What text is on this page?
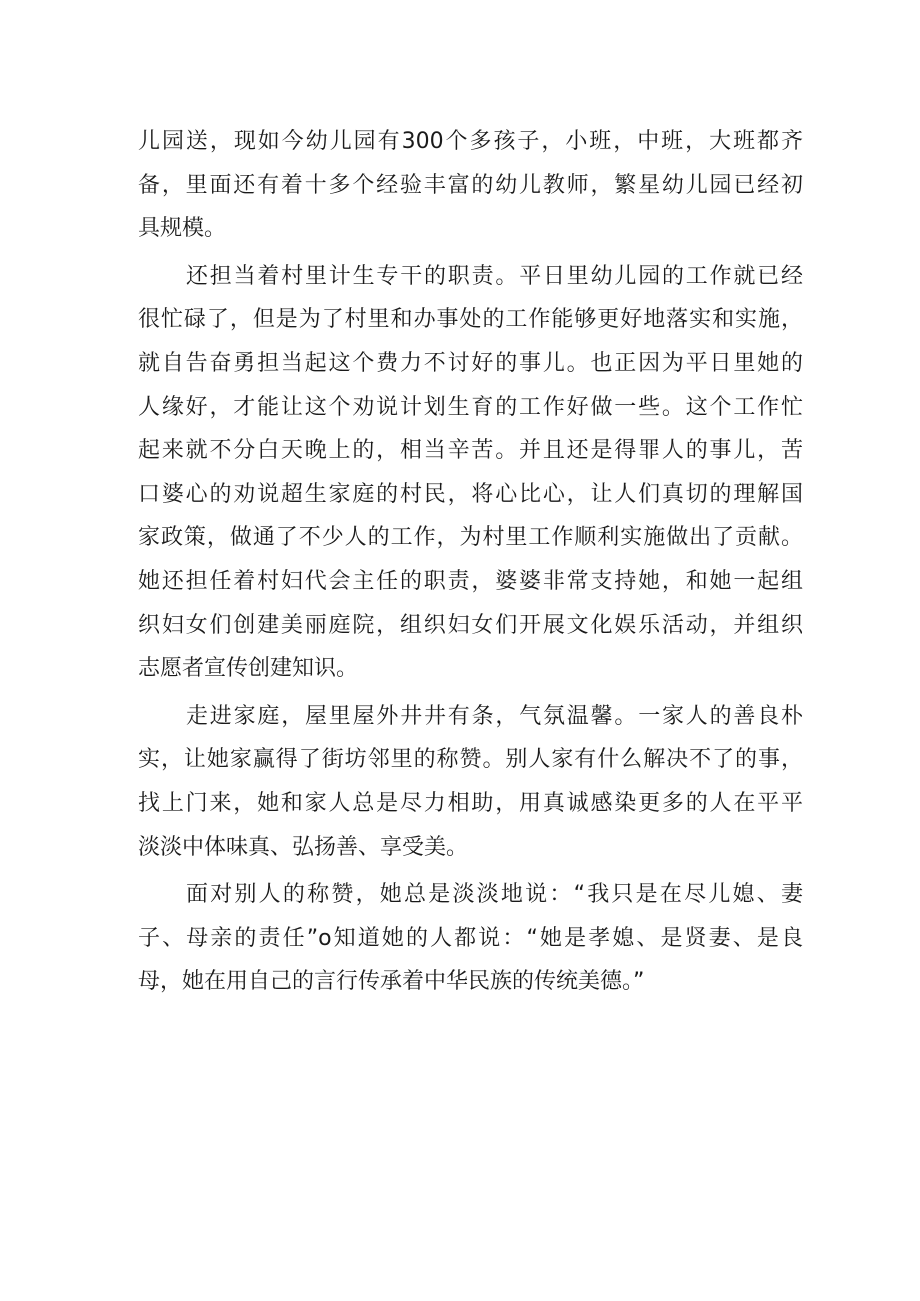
儿园送，现如今幼儿园有300个多孩子，小班，中班，大班都齐
备，里面还有着十多个经验丰富的幼儿教师，繁星幼儿园已经初
具规模。
还担当着村里计生专干的职责。平日里幼儿园的工作就已经
很忙碌了，但是为了村里和办事处的工作能够更好地落实和实施，
就自告奋勇担当起这个费力不讨好的事儿。也正因为平日里她的
人缘好，才能让这个劝说计划生育的工作好做一些。这个工作忙
起来就不分白天晚上的，相当辛苦。并且还是得罪人的事儿，苦
口婆心的劝说超生家庭的村民，将心比心，让人们真切的理解国
家政策，做通了不少人的工作，为村里工作顺利实施做出了贡献。
她还担任着村妇代会主任的职责，婆婆非常支持她，和她一起组
织妇女们创建美丽庭院，组织妇女们开展文化娱乐活动，并组织
志愿者宣传创建知识。
走进家庭，屋里屋外井井有条，气氛温馨。一家人的善良朴
实，让她家赢得了街坊邻里的称赞。别人家有什么解决不了的事，
找上门来，她和家人总是尽力相助，用真诚感染更多的人在平平
淡淡中体味真、弘扬善、享受美。
面对别人的称赞，她总是淡淡地说：“我只是在尽儿媳、妻
子、母亲的责任”o知道她的人都说：“她是孝媳、是贤妻、是良
母，她在用自己的言行传承着中华民族的传统美德。”
